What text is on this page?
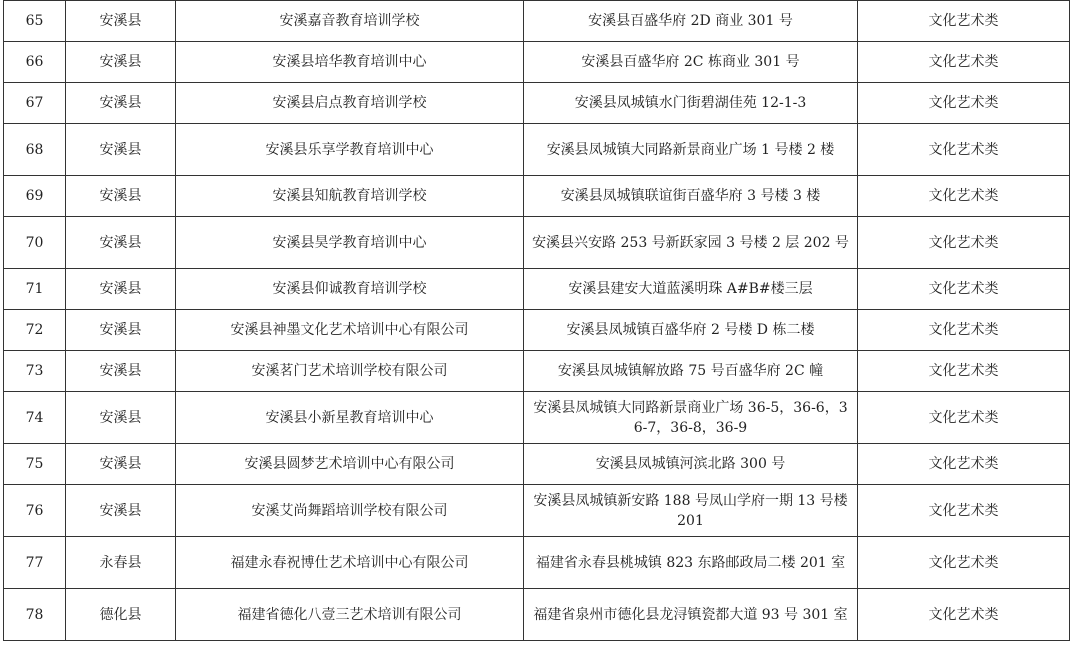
65	安溪县	安溪嘉音教育培训学校	安溪县百盛华府 2D 商业 301 号	文化艺术类
66	安溪县	安溪县培华教育培训中心	安溪县百盛华府 2C 栋商业 301 号	文化艺术类
67	安溪县	安溪县启点教育培训学校	安溪县凤城镇水门街碧湖佳苑 12-1-3	文化艺术类
68	安溪县	安溪县乐享学教育培训中心	安溪县凤城镇大同路新景商业广场 1 号楼 2 楼	文化艺术类
69	安溪县	安溪县知航教育培训学校	安溪县凤城镇联谊街百盛华府 3 号楼 3 楼	文化艺术类
70	安溪县	安溪县昊学教育培训中心	安溪县兴安路 253 号新跃家园 3 号楼 2 层 202 号	文化艺术类
71	安溪县	安溪县仰诚教育培训学校	安溪县建安大道蓝溪明珠 A#B#楼三层	文化艺术类
72	安溪县	安溪县神墨文化艺术培训中心有限公司	安溪县凤城镇百盛华府 2 号楼 D 栋二楼	文化艺术类
73	安溪县	安溪茗门艺术培训学校有限公司	安溪县凤城镇解放路 75 号百盛华府 2C 幢	文化艺术类
74	安溪县	安溪县小新星教育培训中心	安溪县凤城镇大同路新景商业广场 36-5，36-6，36-7，36-8，36-9	文化艺术类
75	安溪县	安溪县圆梦艺术培训中心有限公司	安溪县凤城镇河滨北路 300 号	文化艺术类
76	安溪县	安溪艾尚舞蹈培训学校有限公司	安溪县凤城镇新安路 188 号凤山学府一期 13 号楼 201	文化艺术类
77	永春县	福建永春祝博仕艺术培训中心有限公司	福建省永春县桃城镇 823 东路邮政局二楼 201 室	文化艺术类
78	德化县	福建省德化八壹三艺术培训有限公司	福建省泉州市德化县龙浔镇瓷都大道 93 号 301 室	文化艺术类
